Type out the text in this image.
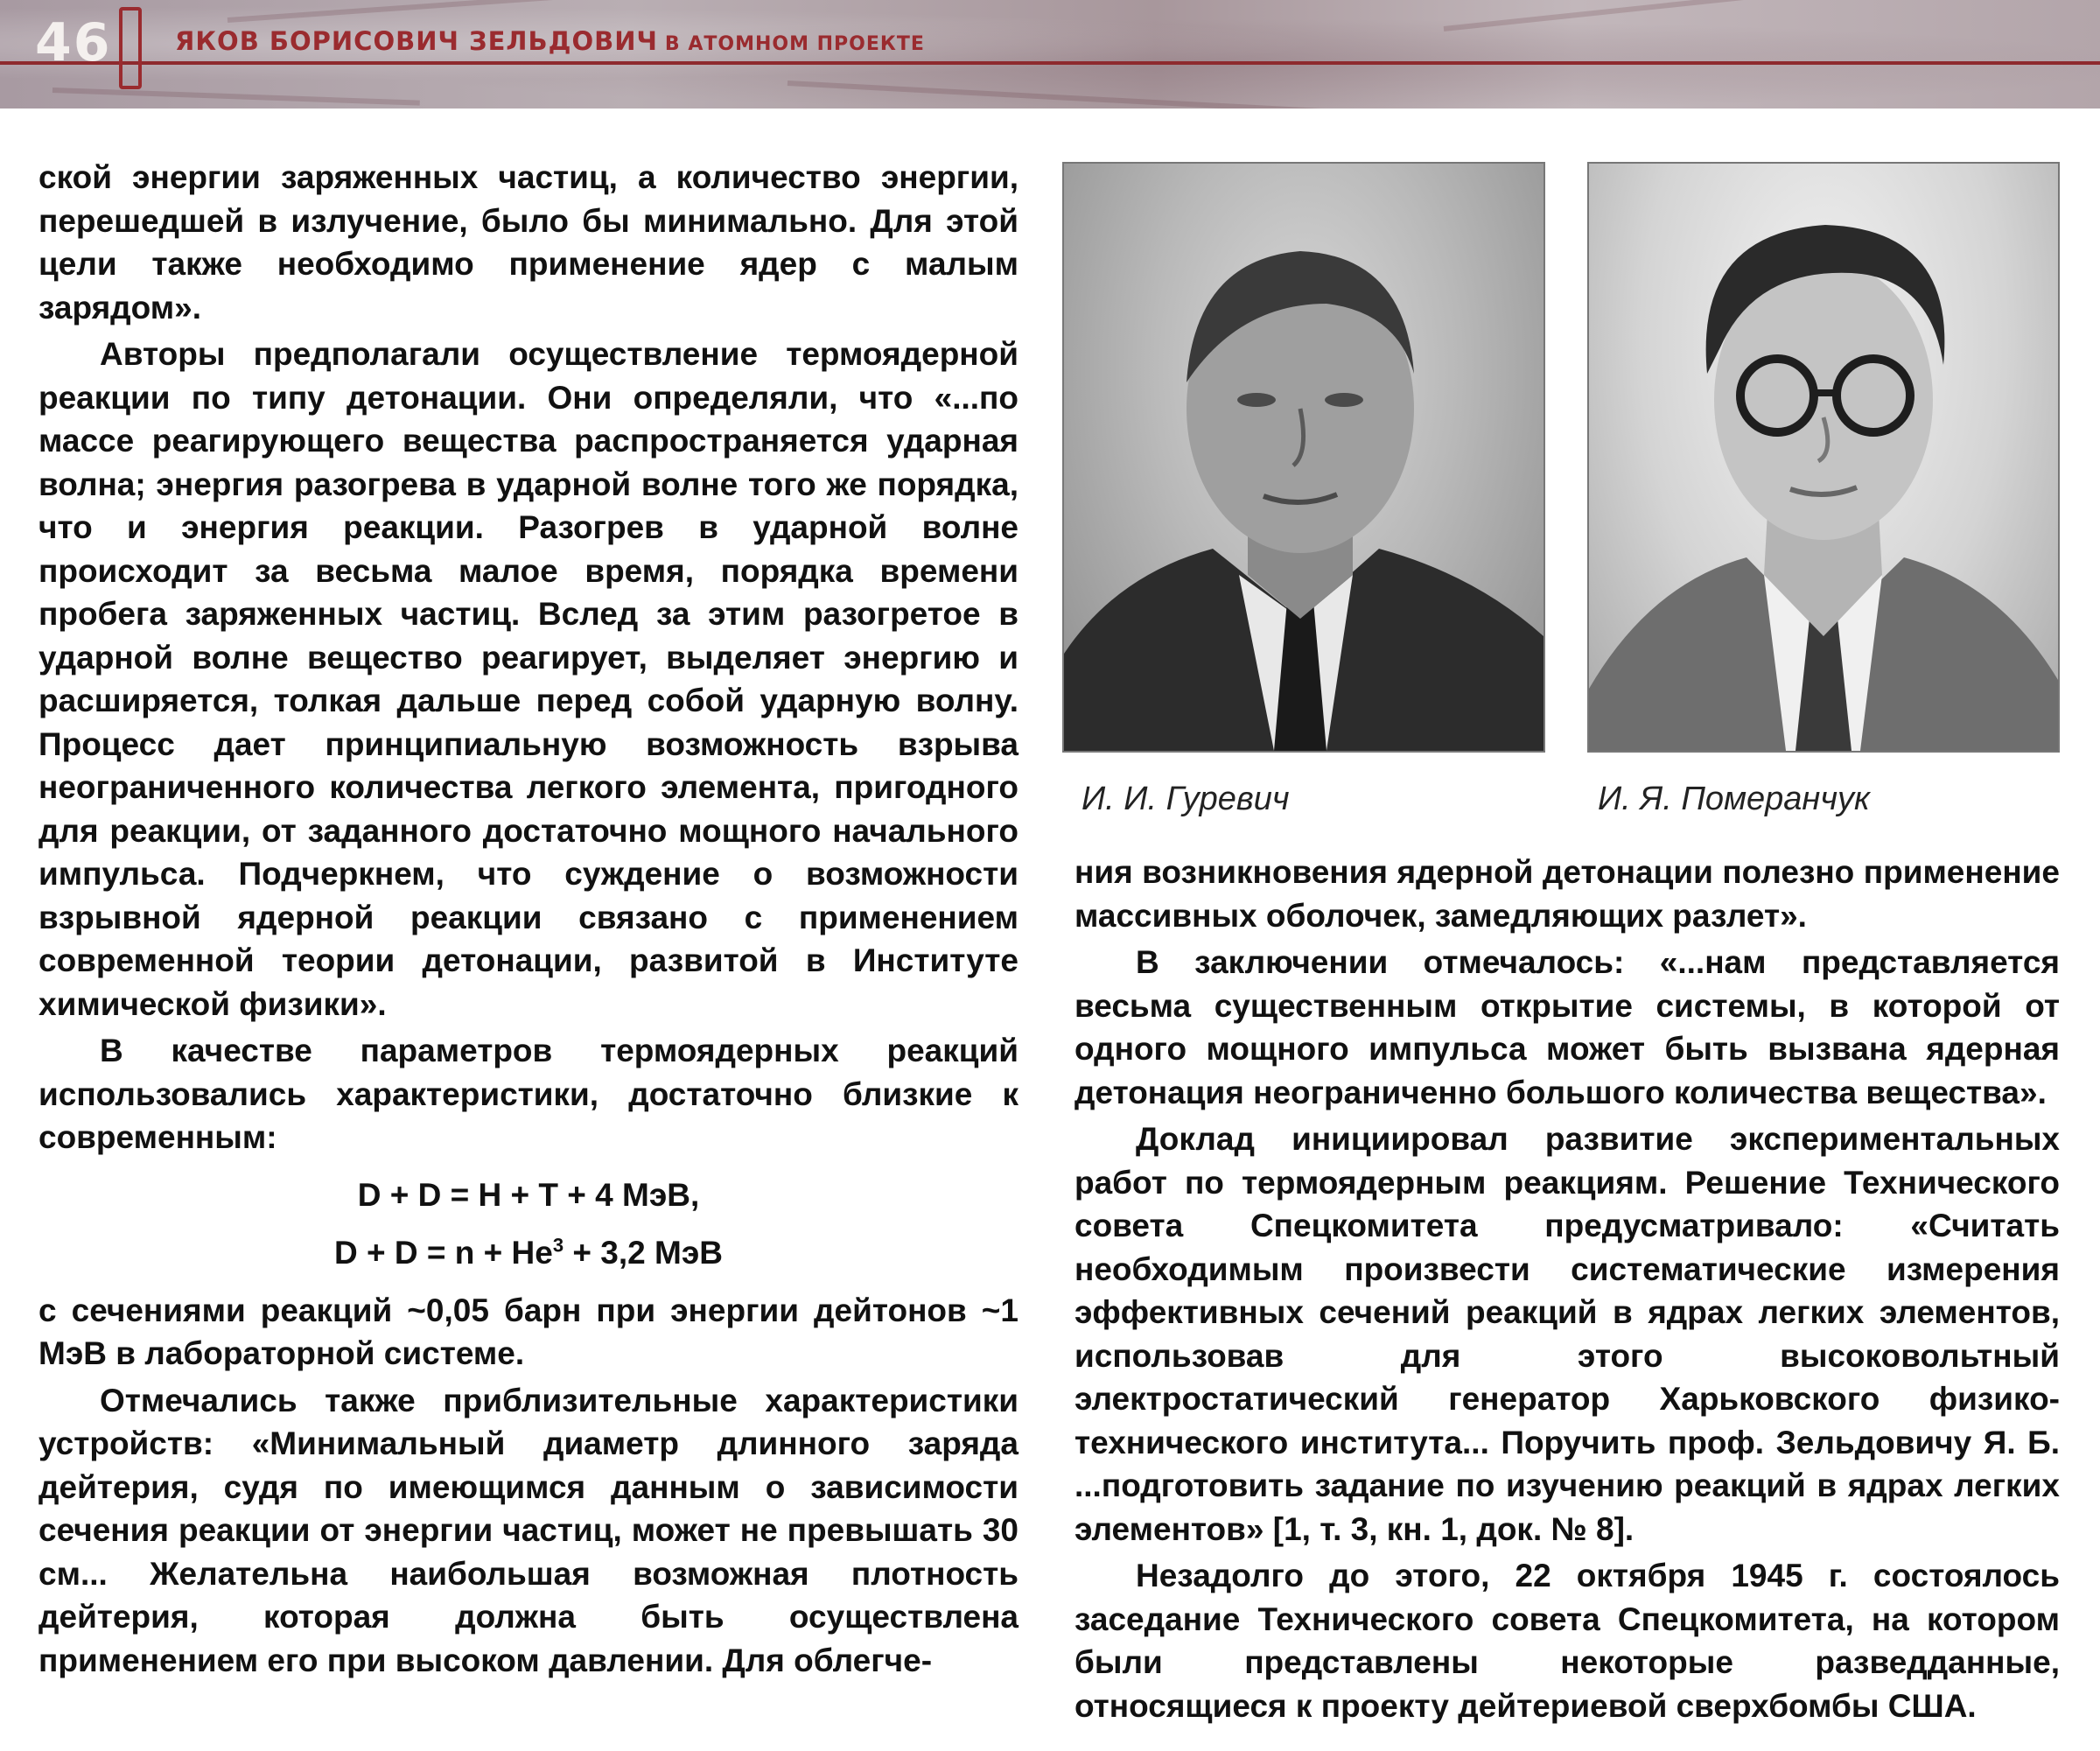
46	ЯКОВ БОРИСОВИЧ ЗЕЛЬДОВИЧ В АТОМНОМ ПРОЕКТЕ

ской энергии заряженных частиц, а количество энергии, перешедшей в излучение, было бы минимально. Для этой цели также необходимо применение ядер с малым зарядом».

Авторы предполагали осуществление термоядерной реакции по типу детонации. Они определяли, что «...по массе реагирующего вещества распространяется ударная волна; энергия разогрева в ударной волне того же порядка, что и энергия реакции. Разогрев в ударной волне происходит за весьма малое время, порядка времени пробега заряженных частиц. Вслед за этим разогретое в ударной волне вещество реагирует, выделяет энергию и расширяется, толкая дальше перед собой ударную волну. Процесс дает принципиальную возможность взрыва неограниченного количества легкого элемента, пригодного для реакции, от заданного достаточно мощного начального импульса. Подчеркнем, что суждение о возможности взрывной ядерной реакции связано с применением современной теории детонации, развитой в Институте химической физики».

В качестве параметров термоядерных реакций использовались характеристики, достаточно близкие к современным:

D + D = H + T + 4 МэВ,
$D + D = n + He^3 + 3,2$ МэВ

с сечениями реакций ~0,05 барн при энергии дейтонов ~1 МэВ в лабораторной системе.

Отмечались также приблизительные характеристики устройств: «Минимальный диаметр длинного заряда дейтерия, судя по имеющимся данным о зависимости сечения реакции от энергии частиц, может не превышать 30 см... Желательна наибольшая возможная плотность дейтерия, которая должна быть осуществлена применением его при высоком давлении. Для облегче-

И. И. Гуревич	И. Я. Померанчук

ния возникновения ядерной детонации полезно применение массивных оболочек, замедляющих разлет».

В заключении отмечалось: «...нам представляется весьма существенным открытие системы, в которой от одного мощного импульса может быть вызвана ядерная детонация неограниченно большого количества вещества».

Доклад инициировал развитие экспериментальных работ по термоядерным реакциям. Решение Технического совета Спецкомитета предусматривало: «Считать необходимым произвести систематические измерения эффективных сечений реакций в ядрах легких элементов, использовав для этого высоковольтный электростатический генератор Харьковского физико-технического института... Поручить проф. Зельдовичу Я. Б. ...подготовить задание по изучению реакций в ядрах легких элементов» [1, т. 3, кн. 1, док. № 8].

Незадолго до этого, 22 октября 1945 г. состоялось заседание Технического совета Спецкомитета, на котором были представлены некоторые разведданные, относящиеся к проекту дейтериевой сверхбомбы США.
